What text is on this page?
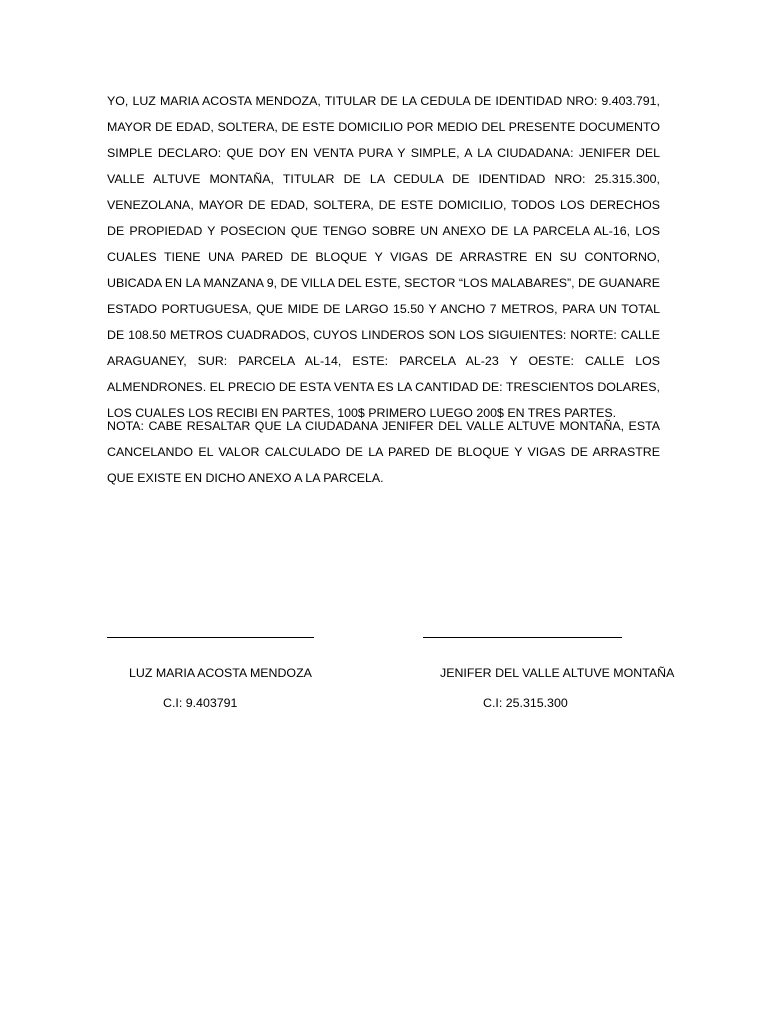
YO, LUZ MARIA ACOSTA MENDOZA, TITULAR DE LA CEDULA DE IDENTIDAD NRO: 9.403.791, MAYOR DE EDAD, SOLTERA, DE ESTE DOMICILIO POR MEDIO DEL PRESENTE DOCUMENTO SIMPLE DECLARO: QUE DOY EN VENTA PURA Y SIMPLE, A LA CIUDADANA: JENIFER DEL VALLE ALTUVE MONTAÑA, TITULAR DE LA CEDULA DE IDENTIDAD NRO: 25.315.300, VENEZOLANA, MAYOR DE EDAD, SOLTERA, DE ESTE DOMICILIO, TODOS LOS DERECHOS DE PROPIEDAD Y POSECION QUE TENGO SOBRE UN ANEXO DE LA PARCELA AL-16, LOS CUALES TIENE UNA PARED DE BLOQUE Y VIGAS DE ARRASTRE EN SU CONTORNO, UBICADA EN LA MANZANA 9, DE VILLA DEL ESTE, SECTOR “LOS MALABARES”, DE GUANARE ESTADO PORTUGUESA, QUE MIDE DE LARGO 15.50 Y ANCHO 7 METROS, PARA UN TOTAL DE 108.50 METROS CUADRADOS, CUYOS LINDEROS SON LOS SIGUIENTES: NORTE: CALLE ARAGUANEY, SUR: PARCELA AL-14, ESTE: PARCELA AL-23 Y OESTE: CALLE LOS ALMENDRONES. EL PRECIO DE ESTA VENTA ES LA CANTIDAD DE: TRESCIENTOS DOLARES, LOS CUALES LOS RECIBI EN PARTES, 100$ PRIMERO LUEGO 200$ EN TRES PARTES.

NOTA: CABE RESALTAR QUE LA CIUDADANA JENIFER DEL VALLE ALTUVE MONTAÑA, ESTA CANCELANDO EL VALOR CALCULADO DE LA PARED DE BLOQUE Y VIGAS DE ARRASTRE QUE EXISTE EN DICHO ANEXO A LA PARCELA.

LUZ MARIA ACOSTA MENDOZA	JENIFER DEL VALLE ALTUVE MONTAÑA
C.I: 9.403791	C.I: 25.315.300
